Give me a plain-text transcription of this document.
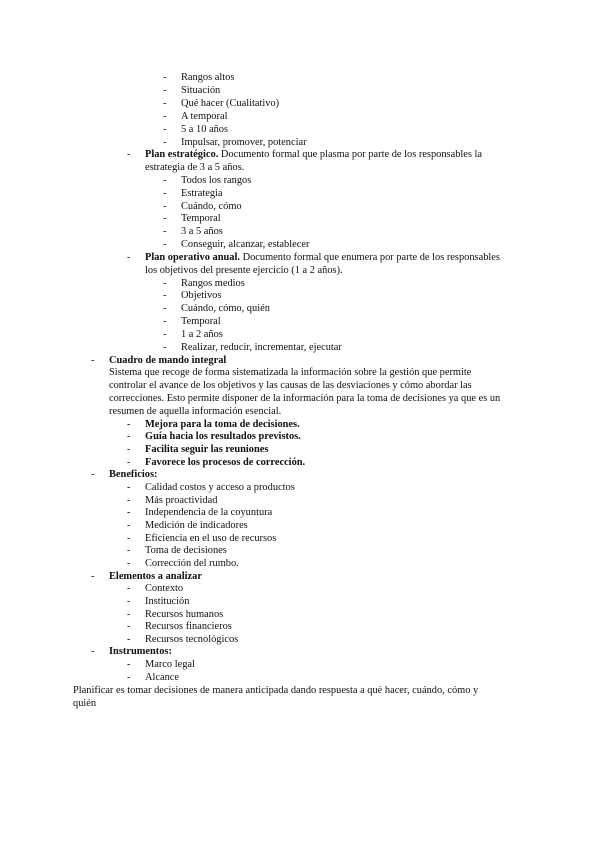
- Rangos altos
- Situación
- Qué hacer (Cualitativo)
- A temporal
- 5 a 10 años
- Impulsar, promover, potenciar
- Plan estratégico. Documento formal que plasma por parte de los responsables la
estrategia de 3 a 5 años.
- Todos los rangos
- Estrategia
- Cuándo, cómo
- Temporal
- 3 a 5 años
- Conseguir, alcanzar, establecer
- Plan operativo anual. Documento formal que enumera por parte de los responsables
los objetivos del presente ejercicio (1 a 2 años).
- Rangos medios
- Objetivos
- Cuándo, cómo, quién
- Temporal
- 1 a 2 años
- Realizar, reducir, incrementar, ejecutar
- Cuadro de mando integral
Sistema que recoge de forma sistematizada la información sobre la gestión que permite
controlar el avance de los objetivos y las causas de las desviaciones y cómo abordar las
correcciones. Esto permite disponer de la información para la toma de decisiones ya que es un
resumen de aquella información esencial.
- Mejora para la toma de decisiones.
- Guía hacia los resultados previstos.
- Facilita seguir las reuniones
- Favorece los procesos de corrección.
- Beneficios:
- Calidad costos y acceso a productos
- Más proactividad
- Independencia de la coyuntura
- Medición de indicadores
- Eficiencia en el uso de recursos
- Toma de decisiones
- Corrección del rumbo.
- Elementos a analizar
- Contexto
- Institución
- Recursos humanos
- Recursos financieros
- Recursos tecnológicos
- Instrumentos:
- Marco legal
- Alcance
Planificar es tomar decisiones de manera anticipada dando respuesta a qué hacer, cuándo, cómo y
quién
